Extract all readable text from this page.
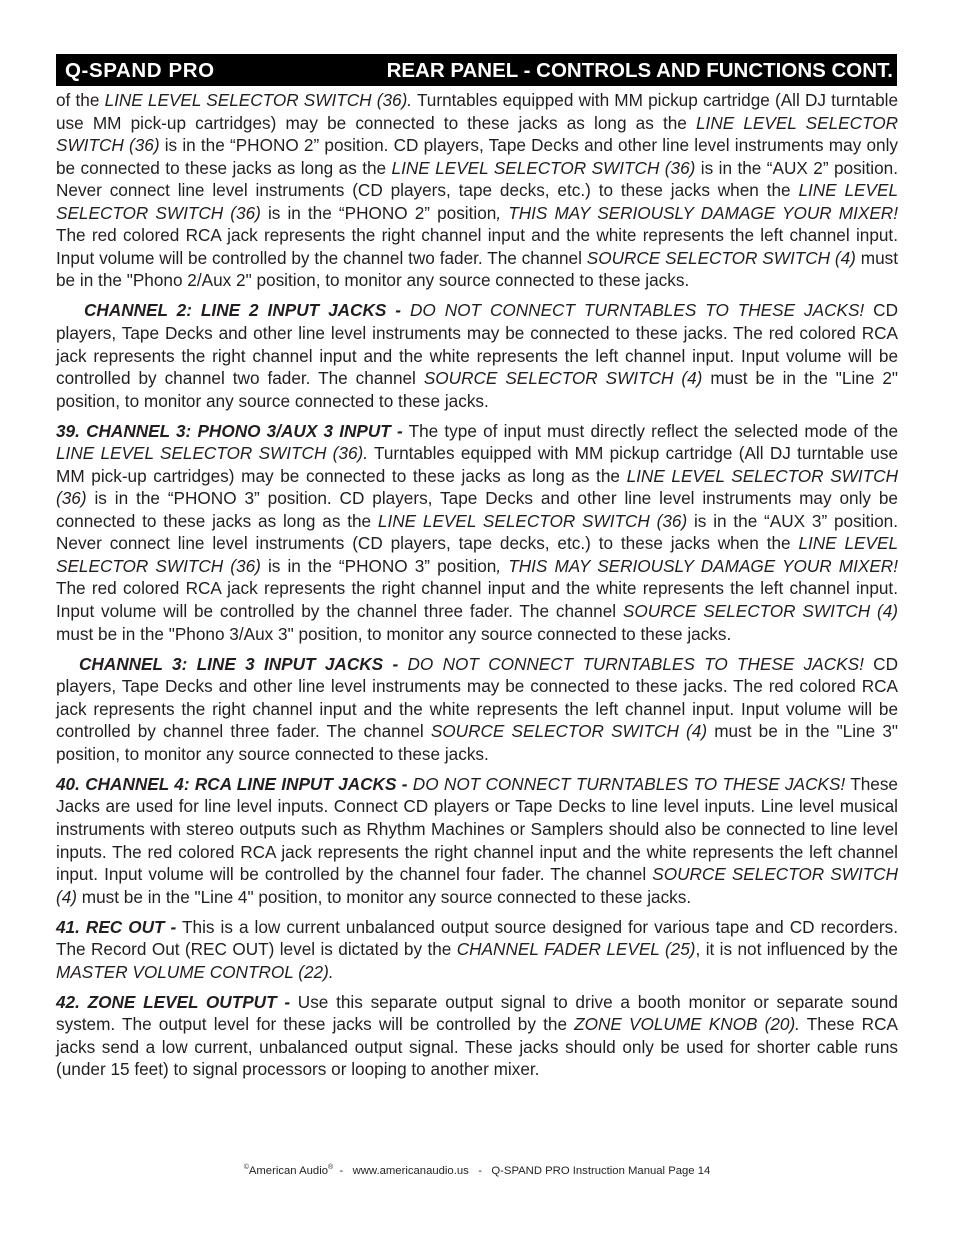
Q-SPAND PRO	REAR PANEL - CONTROLS AND FUNCTIONS CONT.

of the LINE LEVEL SELECTOR SWITCH (36). Turntables equipped with MM pickup cartridge (All DJ turntable use MM pick-up cartridges) may be connected to these jacks as long as the LINE LEVEL SELECTOR SWITCH (36) is in the “PHONO 2” position. CD players, Tape Decks and other line level instruments may only be connected to these jacks as long as the LINE LEVEL SELECTOR SWITCH (36) is in the “AUX 2” position. Never connect line level instruments (CD players, tape decks, etc.) to these jacks when the LINE LEVEL SELECTOR SWITCH (36) is in the “PHONO 2” position, THIS MAY SERIOUSLY DAMAGE YOUR MIXER! The red colored RCA jack represents the right channel input and the white represents the left channel input. Input volume will be controlled by the channel two fader. The channel SOURCE SELECTOR SWITCH (4) must be in the "Phono 2/Aux 2" position, to monitor any source connected to these jacks.

CHANNEL 2: LINE 2 INPUT JACKS - DO NOT CONNECT TURNTABLES TO THESE JACKS! CD players, Tape Decks and other line level instruments may be connected to these jacks. The red colored RCA jack represents the right channel input and the white represents the left channel input. Input volume will be controlled by channel two fader. The channel SOURCE SELECTOR SWITCH (4) must be in the "Line 2" position, to monitor any source connected to these jacks.

39. CHANNEL 3: PHONO 3/AUX 3 INPUT - The type of input must directly reflect the selected mode of the LINE LEVEL SELECTOR SWITCH (36). Turntables equipped with MM pickup cartridge (All DJ turntable use MM pick-up cartridges) may be connected to these jacks as long as the LINE LEVEL SELECTOR SWITCH (36) is in the “PHONO 3” position. CD players, Tape Decks and other line level instruments may only be connected to these jacks as long as the LINE LEVEL SELECTOR SWITCH (36) is in the “AUX 3” position. Never connect line level instruments (CD players, tape decks, etc.) to these jacks when the LINE LEVEL SELECTOR SWITCH (36) is in the “PHONO 3” position, THIS MAY SERIOUSLY DAMAGE YOUR MIXER! The red colored RCA jack represents the right channel input and the white represents the left channel input. Input volume will be controlled by the channel three fader. The channel SOURCE SELECTOR SWITCH (4) must be in the "Phono 3/Aux 3" position, to monitor any source connected to these jacks.

CHANNEL 3: LINE 3 INPUT JACKS - DO NOT CONNECT TURNTABLES TO THESE JACKS! CD players, Tape Decks and other line level instruments may be connected to these jacks. The red colored RCA jack represents the right channel input and the white represents the left channel input. Input volume will be controlled by channel three fader. The channel SOURCE SELECTOR SWITCH (4) must be in the "Line 3" position, to monitor any source connected to these jacks.

40. CHANNEL 4: RCA LINE INPUT JACKS - DO NOT CONNECT TURNTABLES TO THESE JACKS! These Jacks are used for line level inputs. Connect CD players or Tape Decks to line level inputs. Line level musical instruments with stereo outputs such as Rhythm Machines or Samplers should also be connected to line level inputs. The red colored RCA jack represents the right channel input and the white represents the left channel input. Input volume will be controlled by the channel four fader. The channel SOURCE SELECTOR SWITCH (4) must be in the "Line 4" position, to monitor any source connected to these jacks.

41. REC OUT - This is a low current unbalanced output source designed for various tape and CD recorders. The Record Out (REC OUT) level is dictated by the CHANNEL FADER LEVEL (25), it is not influenced by the MASTER VOLUME CONTROL (22).

42. ZONE LEVEL OUTPUT - Use this separate output signal to drive a booth monitor or separate sound system. The output level for these jacks will be controlled by the ZONE VOLUME KNOB (20). These RCA jacks send a low current, unbalanced output signal. These jacks should only be used for shorter cable runs (under 15 feet) to signal processors or looping to another mixer.

©American Audio®  -   www.americanaudio.us   -   Q-SPAND PRO Instruction Manual Page 14
